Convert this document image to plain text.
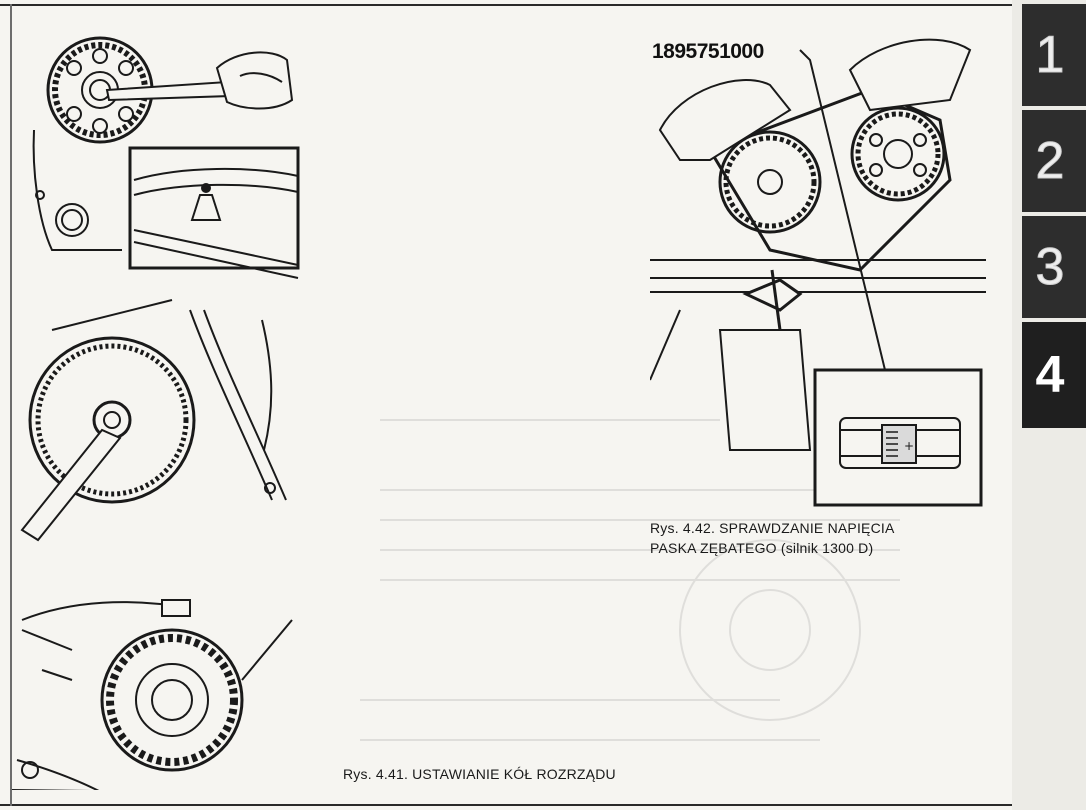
+
1895751000
Rys. 4.42. SPRAWDZANIE NAPIĘCIA
PASKA ZĘBATEGO (silnik 1300 D)
Rys. 4.41. USTAWIANIE KÓŁ ROZRZĄDU
1
2
3
4
